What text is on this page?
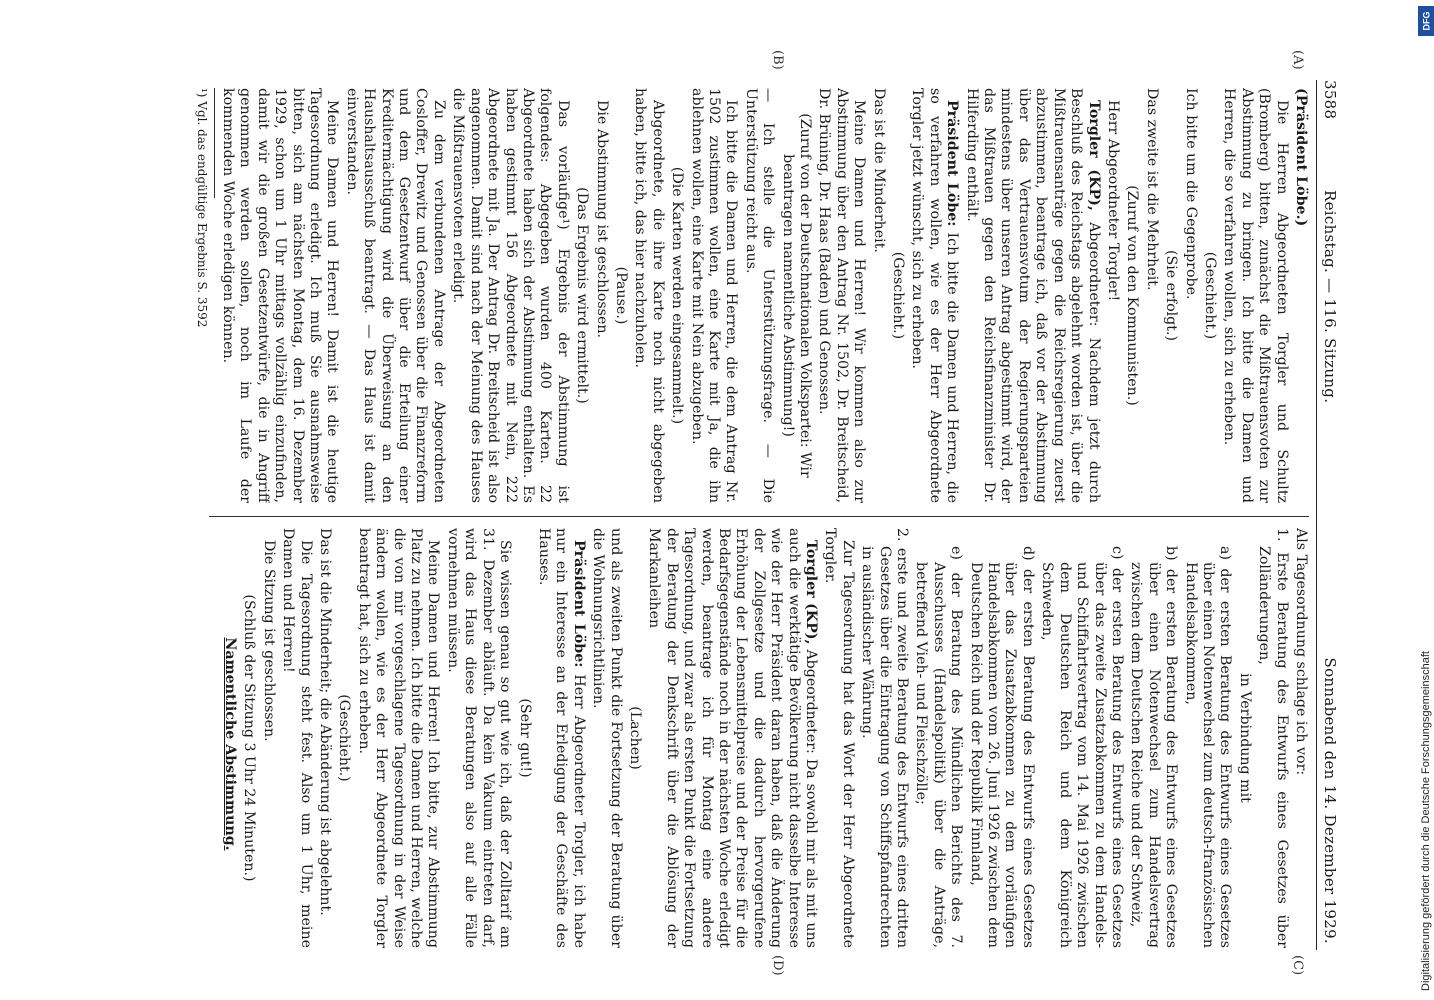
3588
Reichstag. — 116. Sitzung.
Sonnabend den 14. Dezember 1929.
(A)
(B)
(C)
(D)

(Präsident Löbe.)

Die Herren Abgeordneten Torgler und Schultz (Bromberg) bitten, zunächst die Mißtrauensvoten zur Abstimmung zu bringen. Ich bitte die Damen und Herren, die so verfahren wollen, sich zu erheben.

(Geschieht.)

Ich bitte um die Gegenprobe.

(Sie erfolgt.)

Das zweite ist die Mehrheit.

(Zuruf von den Kommunisten.)

Herr Abgeordneter Torgler!

Torgler (KP), Abgeordneter: Nachdem jetzt durch Beschluß des Reichstags abgelehnt worden ist, über die Mißtrauensanträge gegen die Reichsregierung zuerst abzustimmen, beantrage ich, daß vor der Abstimmung über das Vertrauensvotum der Regierungsparteien mindestens über unseren Antrag abgestimmt wird, der das Mißtrauen gegen den Reichsfinanzminister Dr. Hilferding enthält.

Präsident Löbe: Ich bitte die Damen und Herren, die so verfahren wollen, wie es der Herr Abgeordnete Torgler jetzt wünscht, sich zu erheben.

(Geschieht.)

Das ist die Minderheit.

Meine Damen und Herren! Wir kommen also zur Abstimmung über den Antrag Nr. 1502, Dr. Breitscheid, Dr. Brüning, Dr. Haas (Baden) und Genossen.

(Zuruf von der Deutschnationalen Volkspartei: Wir beantragen namentliche Abstimmung!)

— Ich stelle die Unterstützungsfrage. — Die Unterstützung reicht aus.

Ich bitte die Damen und Herren, die dem Antrag Nr. 1502 zustimmen wollen, eine Karte mit Ja, die ihn ablehnen wollen, eine Karte mit Nein abzugeben.

(Die Karten werden eingesammelt.)

Abgeordnete, die ihre Karte noch nicht abgegeben haben, bitte ich, das hier nachzuholen.

(Pause.)

Die Abstimmung ist geschlossen.

(Das Ergebnis wird ermittelt.)

Das vorläufige¹) Ergebnis der Abstimmung ist folgendes: Abgegeben wurden 400 Karten. 22 Abgeordnete haben sich der Abstimmung enthalten. Es haben gestimmt 156 Abgeordnete mit Nein, 222 Abgeordnete mit Ja. Der Antrag Dr. Breitscheid ist also angenommen. Damit sind nach der Meinung des Hauses die Mißtrauensvoten erledigt.

Zu dem verbundenen Antrage der Abgeordneten Cosloffer, Drewitz und Genossen über die Finanzreform und dem Gesetzentwurf über die Erteilung einer Kreditermächtigung wird die Überweisung an den Haushaltsausschuß beantragt. — Das Haus ist damit einverstanden.

Meine Damen und Herren! Damit ist die heutige Tagesordnung erledigt. Ich muß Sie ausnahmsweise bitten, sich am nächsten Montag, dem 16. Dezember 1929, schon um 1 Uhr mittags vollzählig einzufinden, damit wir die großen Gesetzentwürfe, die in Angriff genommen werden sollen, noch im Laufe der kommenden Woche erledigen können.

¹) Vgl. das endgültige Ergebnis S. 3592

Als Tagesordnung schlage ich vor:

1. Erste Beratung des Entwurfs eines Gesetzes über Zolländerungen,

in Verbindung mit

a) der ersten Beratung des Entwurfs eines Gesetzes über einen Notenwechsel zum deutsch-französischen Handelsabkommen,

b) der ersten Beratung des Entwurfs eines Gesetzes über einen Notenwechsel zum Handelsvertrag zwischen dem Deutschen Reiche und der Schweiz,

c) der ersten Beratung des Entwurfs eines Gesetzes über das zweite Zusatzabkommen zu dem Handels- und Schiffahrtsvertrag vom 14. Mai 1926 zwischen dem Deutschen Reich und dem Königreich Schweden,

d) der ersten Beratung des Entwurfs eines Gesetzes über das Zusatzabkommen zu dem vorläufigen Handelsabkommen vom 26. Juni 1926 zwischen dem Deutschen Reich und der Republik Finnland,

e) der Beratung des Mündlichen Berichts des 7. Ausschusses (Handelspolitik) über die Anträge, betreffend Vieh- und Fleischzölle;

2. erste und zweite Beratung des Entwurfs eines dritten Gesetzes über die Eintragung von Schiffspfandrechten in ausländischer Währung.

Zur Tagesordnung hat das Wort der Herr Abgeordnete Torgler.

Torgler (KP), Abgeordneter: Da sowohl mir als mit uns auch die werktätige Bevölkerung nicht dasselbe Interesse wie der Herr Präsident daran haben, daß die Änderung der Zollgesetze und die dadurch hervorgerufene Erhöhung der Lebensmittelpreise und der Preise für die Bedarfsgegenstände noch in der nächsten Woche erledigt werden, beantrage ich für Montag eine andere Tagesordnung, und zwar als ersten Punkt die Fortsetzung der Beratung der Denkschrift über die Ablösung der Markanleihen

(Lachen)

und als zweiten Punkt die Fortsetzung der Beratung über die Wohnungsrichtlinien.

Präsident Löbe: Herr Abgeordneter Torgler, ich habe nur ein Interesse an der Erledigung der Geschäfte des Hauses.

(Sehr gut!)

Sie wissen genau so gut wie ich, daß der Zolltarif am 31. Dezember abläuft. Da kein Vakuum eintreten darf, wird das Haus diese Beratungen also auf alle Fälle vornehmen müssen.

Meine Damen und Herren! Ich bitte, zur Abstimmung Platz zu nehmen. Ich bitte die Damen und Herren, welche die von mir vorgeschlagene Tagesordnung in der Weise ändern wollen, wie es der Herr Abgeordnete Torgler beantragt hat, sich zu erheben.

(Geschieht.)

Das ist die Minderheit; die Abänderung ist abgelehnt.

Die Tagesordnung steht fest. Also um 1 Uhr, meine Damen und Herren!

Die Sitzung ist geschlossen.

(Schluß der Sitzung 3 Uhr 24 Minuten.)

Namentliche Abstimmung.

DFG
Digitalisierung gefördert durch die Deutsche Forschungsgemeinschaft
